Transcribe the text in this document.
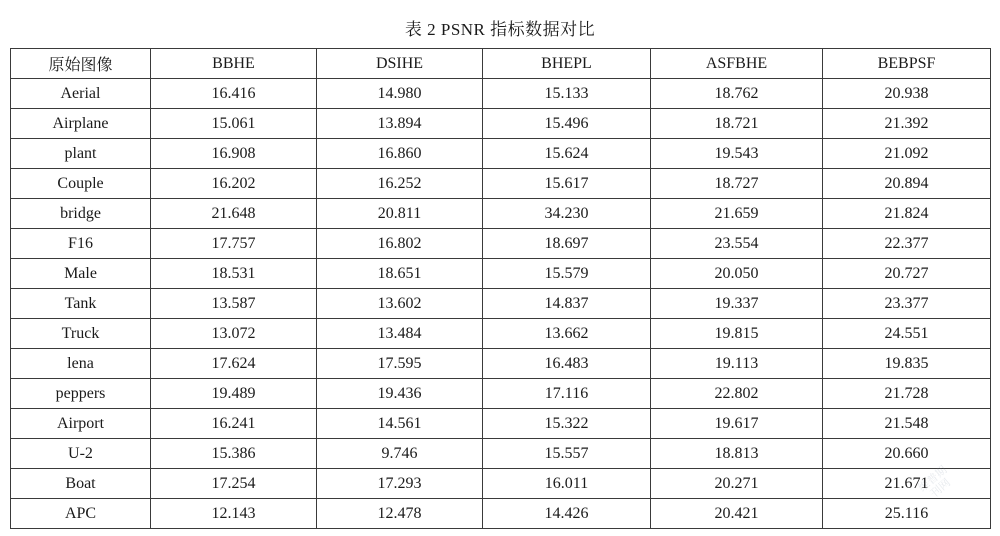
表 2 PSNR 指标数据对比
原始图像	BBHE	DSIHE	BHEPL	ASFBHE	BEBPSF
Aerial	16.416	14.980	15.133	18.762	20.938
Airplane	15.061	13.894	15.496	18.721	21.392
plant	16.908	16.860	15.624	19.543	21.092
Couple	16.202	16.252	15.617	18.727	20.894
bridge	21.648	20.811	34.230	21.659	21.824
F16	17.757	16.802	18.697	23.554	22.377
Male	18.531	18.651	15.579	20.050	20.727
Tank	13.587	13.602	14.837	19.337	23.377
Truck	13.072	13.484	13.662	19.815	24.551
lena	17.624	17.595	16.483	19.113	19.835
peppers	19.489	19.436	17.116	22.802	21.728
Airport	16.241	14.561	15.322	19.617	21.548
U-2	15.386	9.746	15.557	18.813	20.660
Boat	17.254	17.293	16.011	20.271	21.671
APC	12.143	12.478	14.426	20.421	25.116
维普期刊网
